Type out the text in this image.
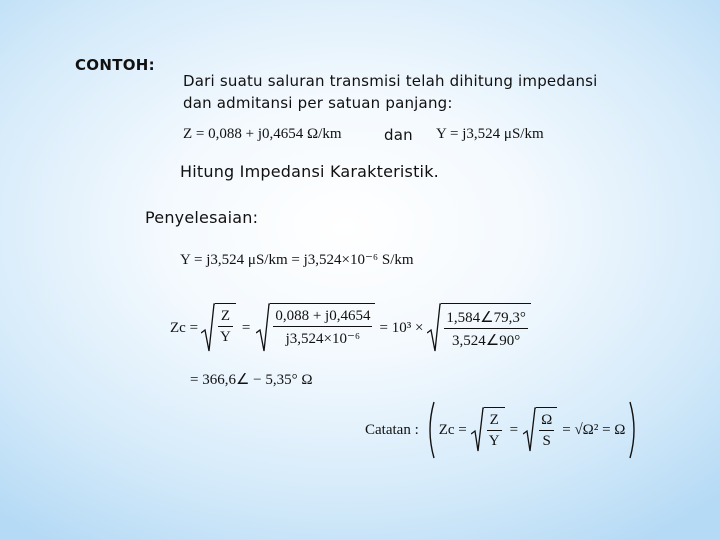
CONTOH:
Dari suatu saluran transmisi telah dihitung impedansi
dan admitansi per satuan panjang:
Z = 0,088 + j0,4654 Ω/km	dan Y = j3,524 μS/km
Hitung Impedansi Karakteristik.
Penyelesaian:
Y = j3,524 μS/km = j3,524×10⁻⁶ S/km
$Zc = \frac{Z}{Y} = \frac{0,088 + j0,4654}{\text{j3,524×10⁻⁶}} = 10^3 \times \frac{1,584\angle 79,3^\circ}{3,524\angle 90^\circ}$
= 366,6∠ − 5,35° Ω
Catatan : $Zc = \frac{Z}{Y} = \frac{\Omega}{S} = √\Omega^2 = \Omega$
